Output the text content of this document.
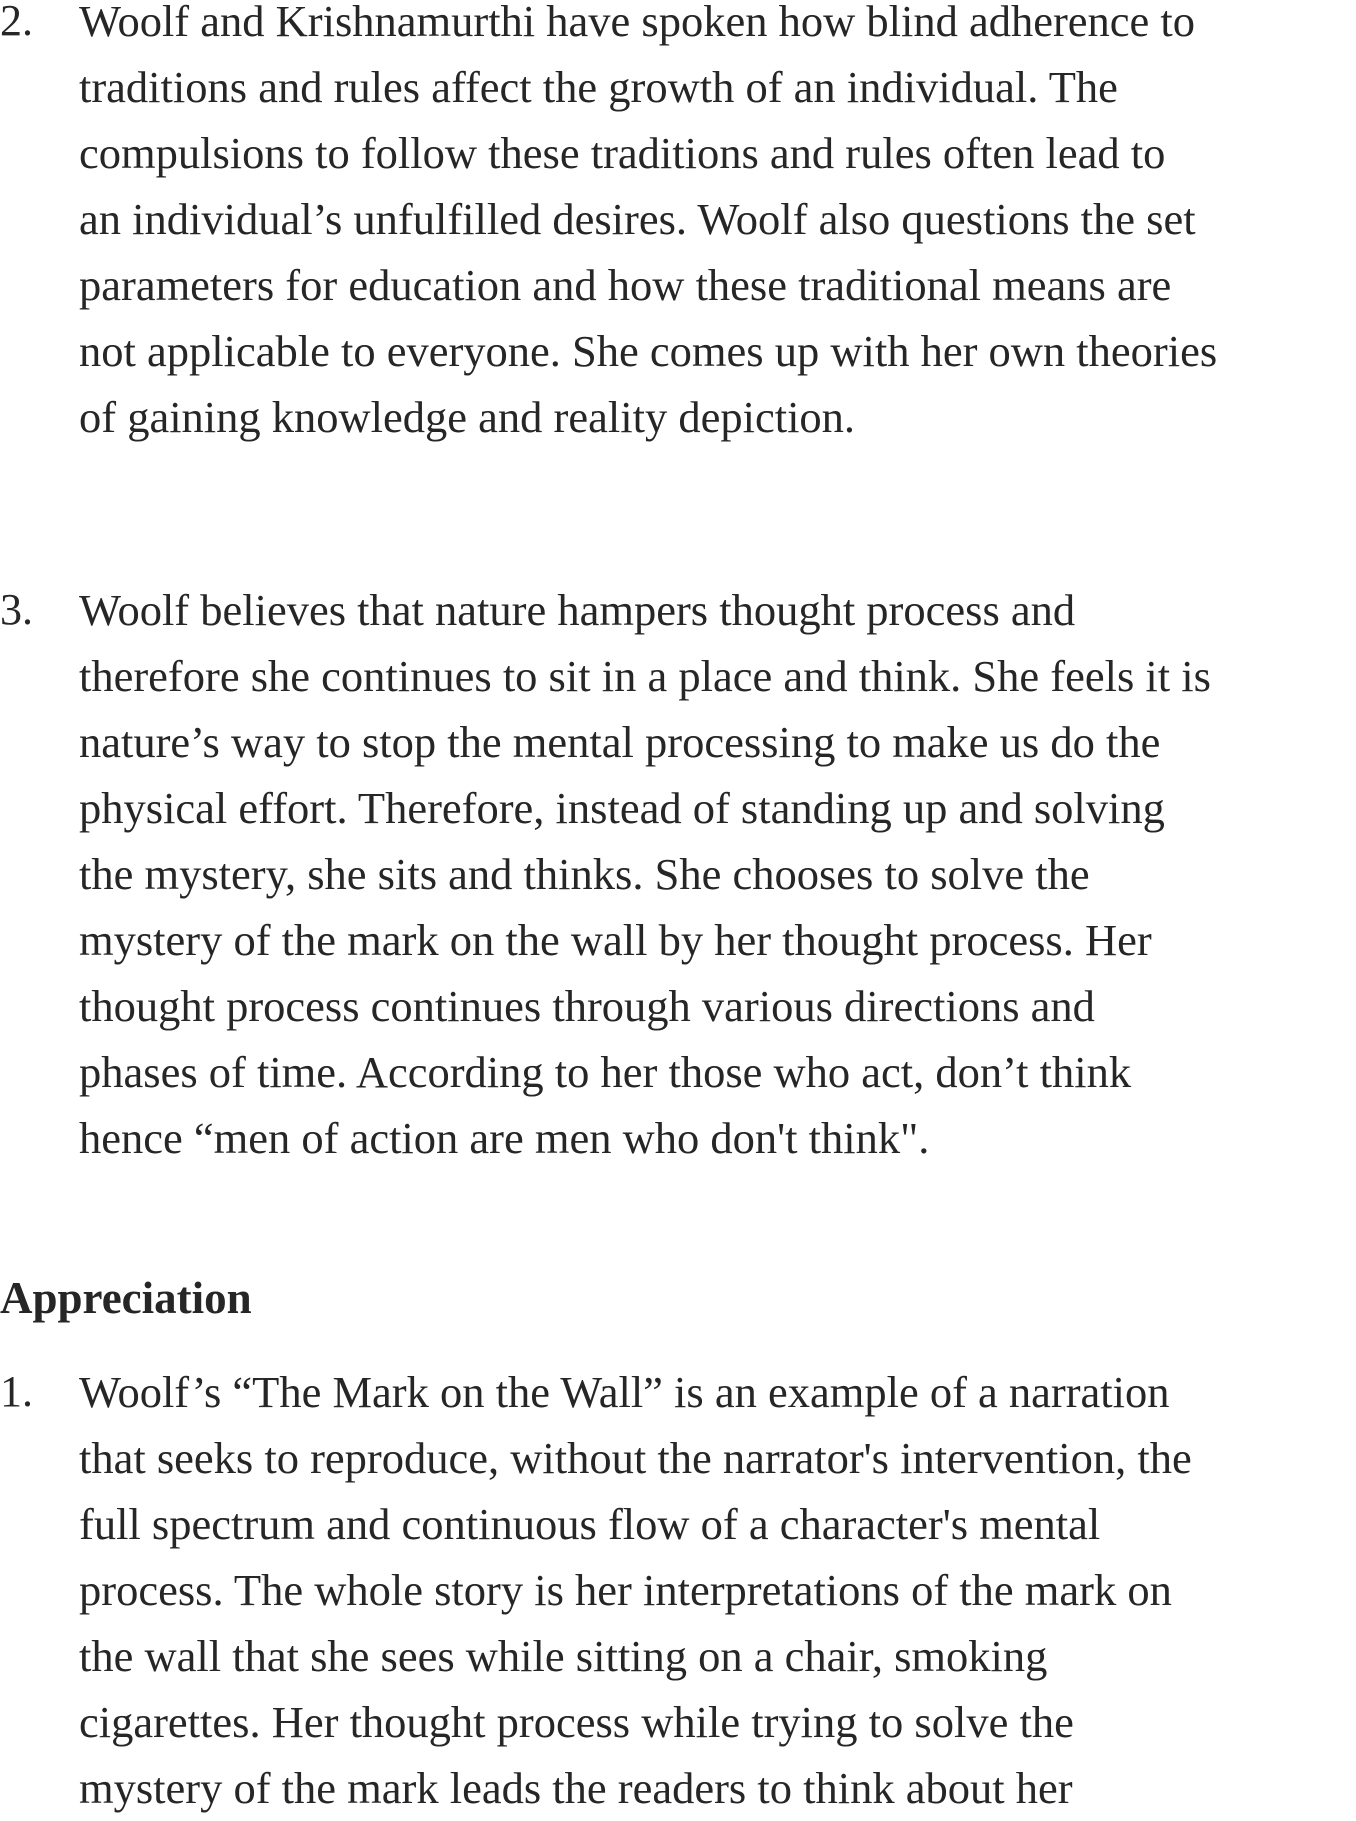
2. Woolf and Krishnamurthi have spoken how blind adherence to
traditions and rules affect the growth of an individual. The
compulsions to follow these traditions and rules often lead to
an individual’s unfulfilled desires. Woolf also questions the set
parameters for education and how these traditional means are
not applicable to everyone. She comes up with her own theories
of gaining knowledge and reality depiction.
3. Woolf believes that nature hampers thought process and
therefore she continues to sit in a place and think. She feels it is
nature’s way to stop the mental processing to make us do the
physical effort. Therefore, instead of standing up and solving
the mystery, she sits and thinks. She chooses to solve the
mystery of the mark on the wall by her thought process. Her
thought process continues through various directions and
phases of time. According to her those who act, don’t think
hence “men of action are men who don't think".
Appreciation
1. Woolf’s “The Mark on the Wall” is an example of a narration
that seeks to reproduce, without the narrator's intervention, the
full spectrum and continuous flow of a character's mental
process. The whole story is her interpretations of the mark on
the wall that she sees while sitting on a chair, smoking
cigarettes. Her thought process while trying to solve the
mystery of the mark leads the readers to think about her
